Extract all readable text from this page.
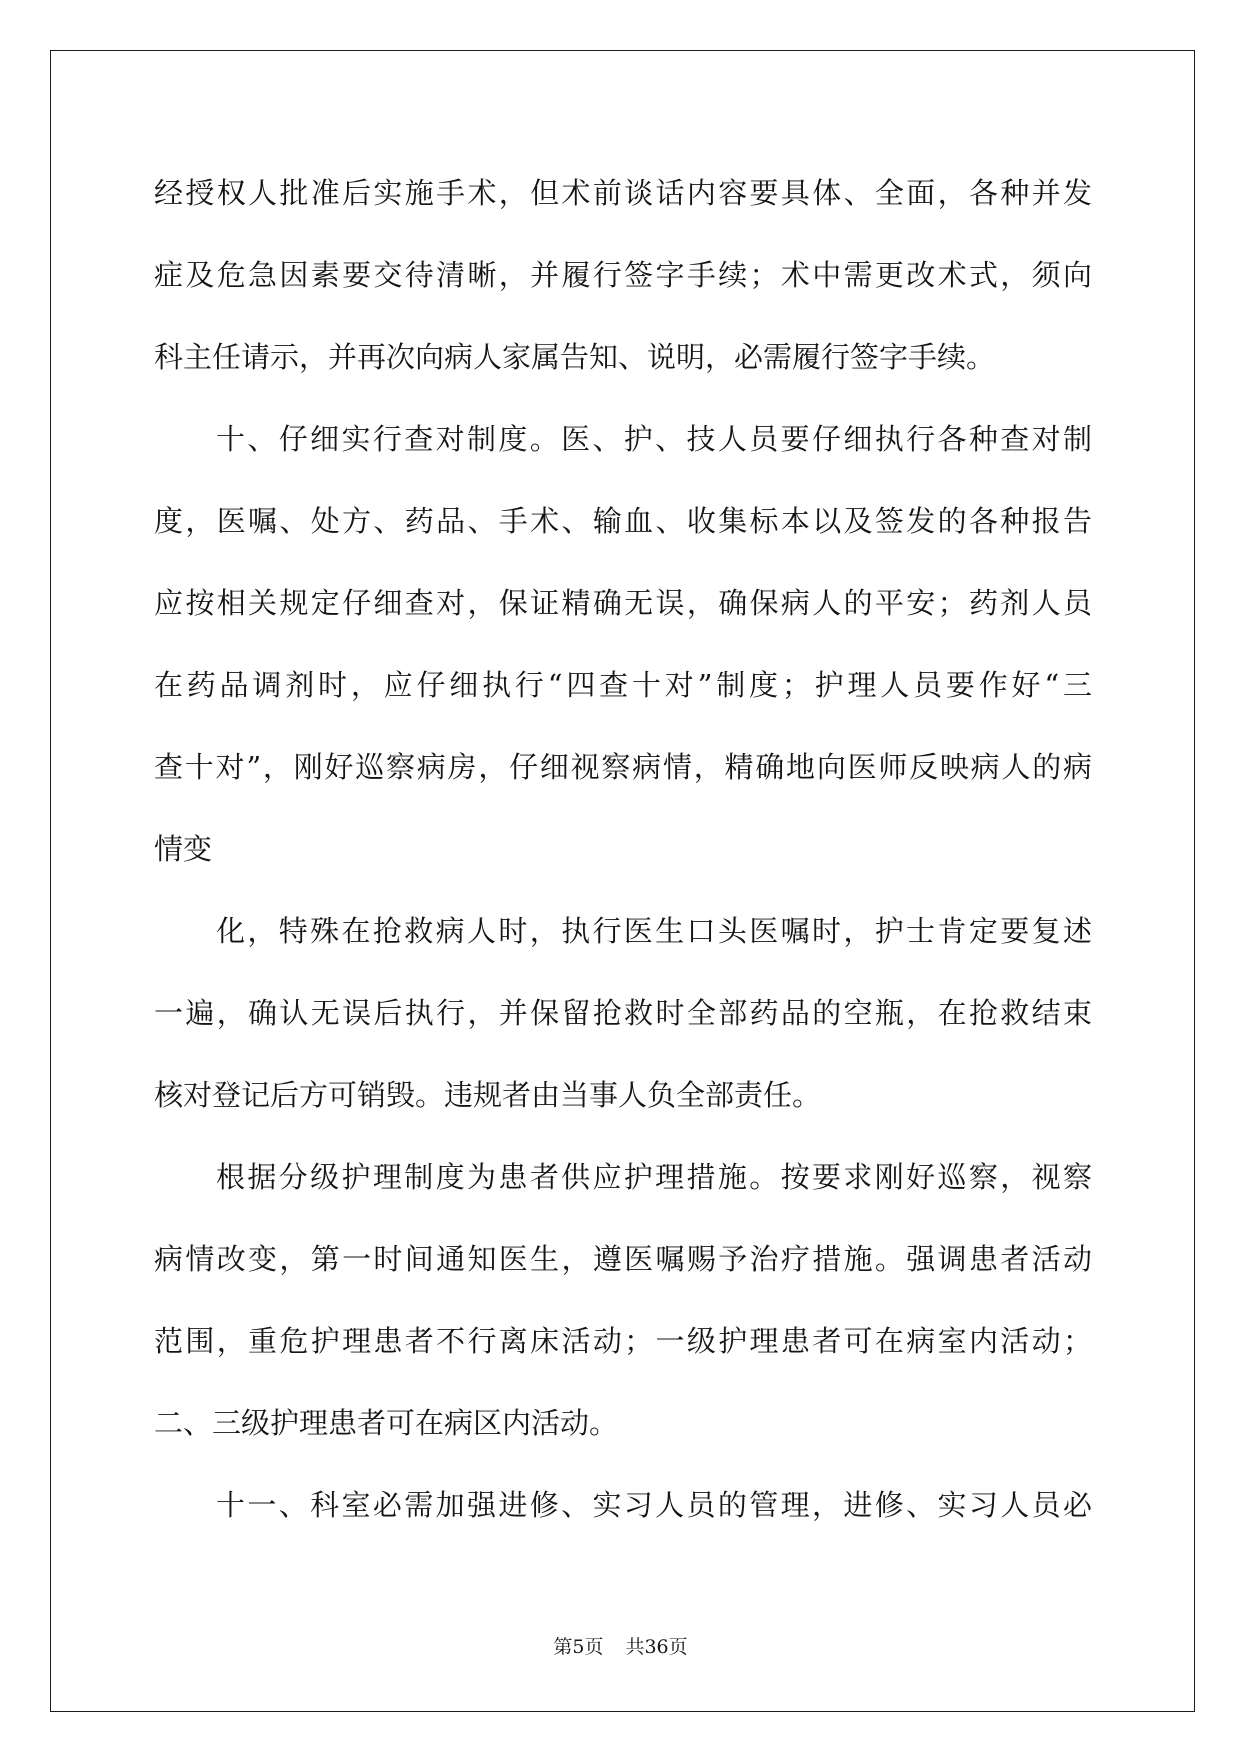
经授权人批准后实施手术，但术前谈话内容要具体、全面，各种并发
症及危急因素要交待清晰，并履行签字手续；术中需更改术式，须向
科主任请示，并再次向病人家属告知、说明，必需履行签字手续。
十、仔细实行查对制度。医、护、技人员要仔细执行各种查对制
度，医嘱、处方、药品、手术、输血、收集标本以及签发的各种报告
应按相关规定仔细查对，保证精确无误，确保病人的平安；药剂人员
在药品调剂时，应仔细执行“四查十对”制度；护理人员要作好“三
查十对”，刚好巡察病房，仔细视察病情，精确地向医师反映病人的病
情变
化，特殊在抢救病人时，执行医生口头医嘱时，护士肯定要复述
一遍，确认无误后执行，并保留抢救时全部药品的空瓶，在抢救结束
核对登记后方可销毁。违规者由当事人负全部责任。
根据分级护理制度为患者供应护理措施。按要求刚好巡察，视察
病情改变，第一时间通知医生，遵医嘱赐予治疗措施。强调患者活动
范围，重危护理患者不行离床活动；一级护理患者可在病室内活动；
二、三级护理患者可在病区内活动。
十一、科室必需加强进修、实习人员的管理，进修、实习人员必
第5页 共36页
